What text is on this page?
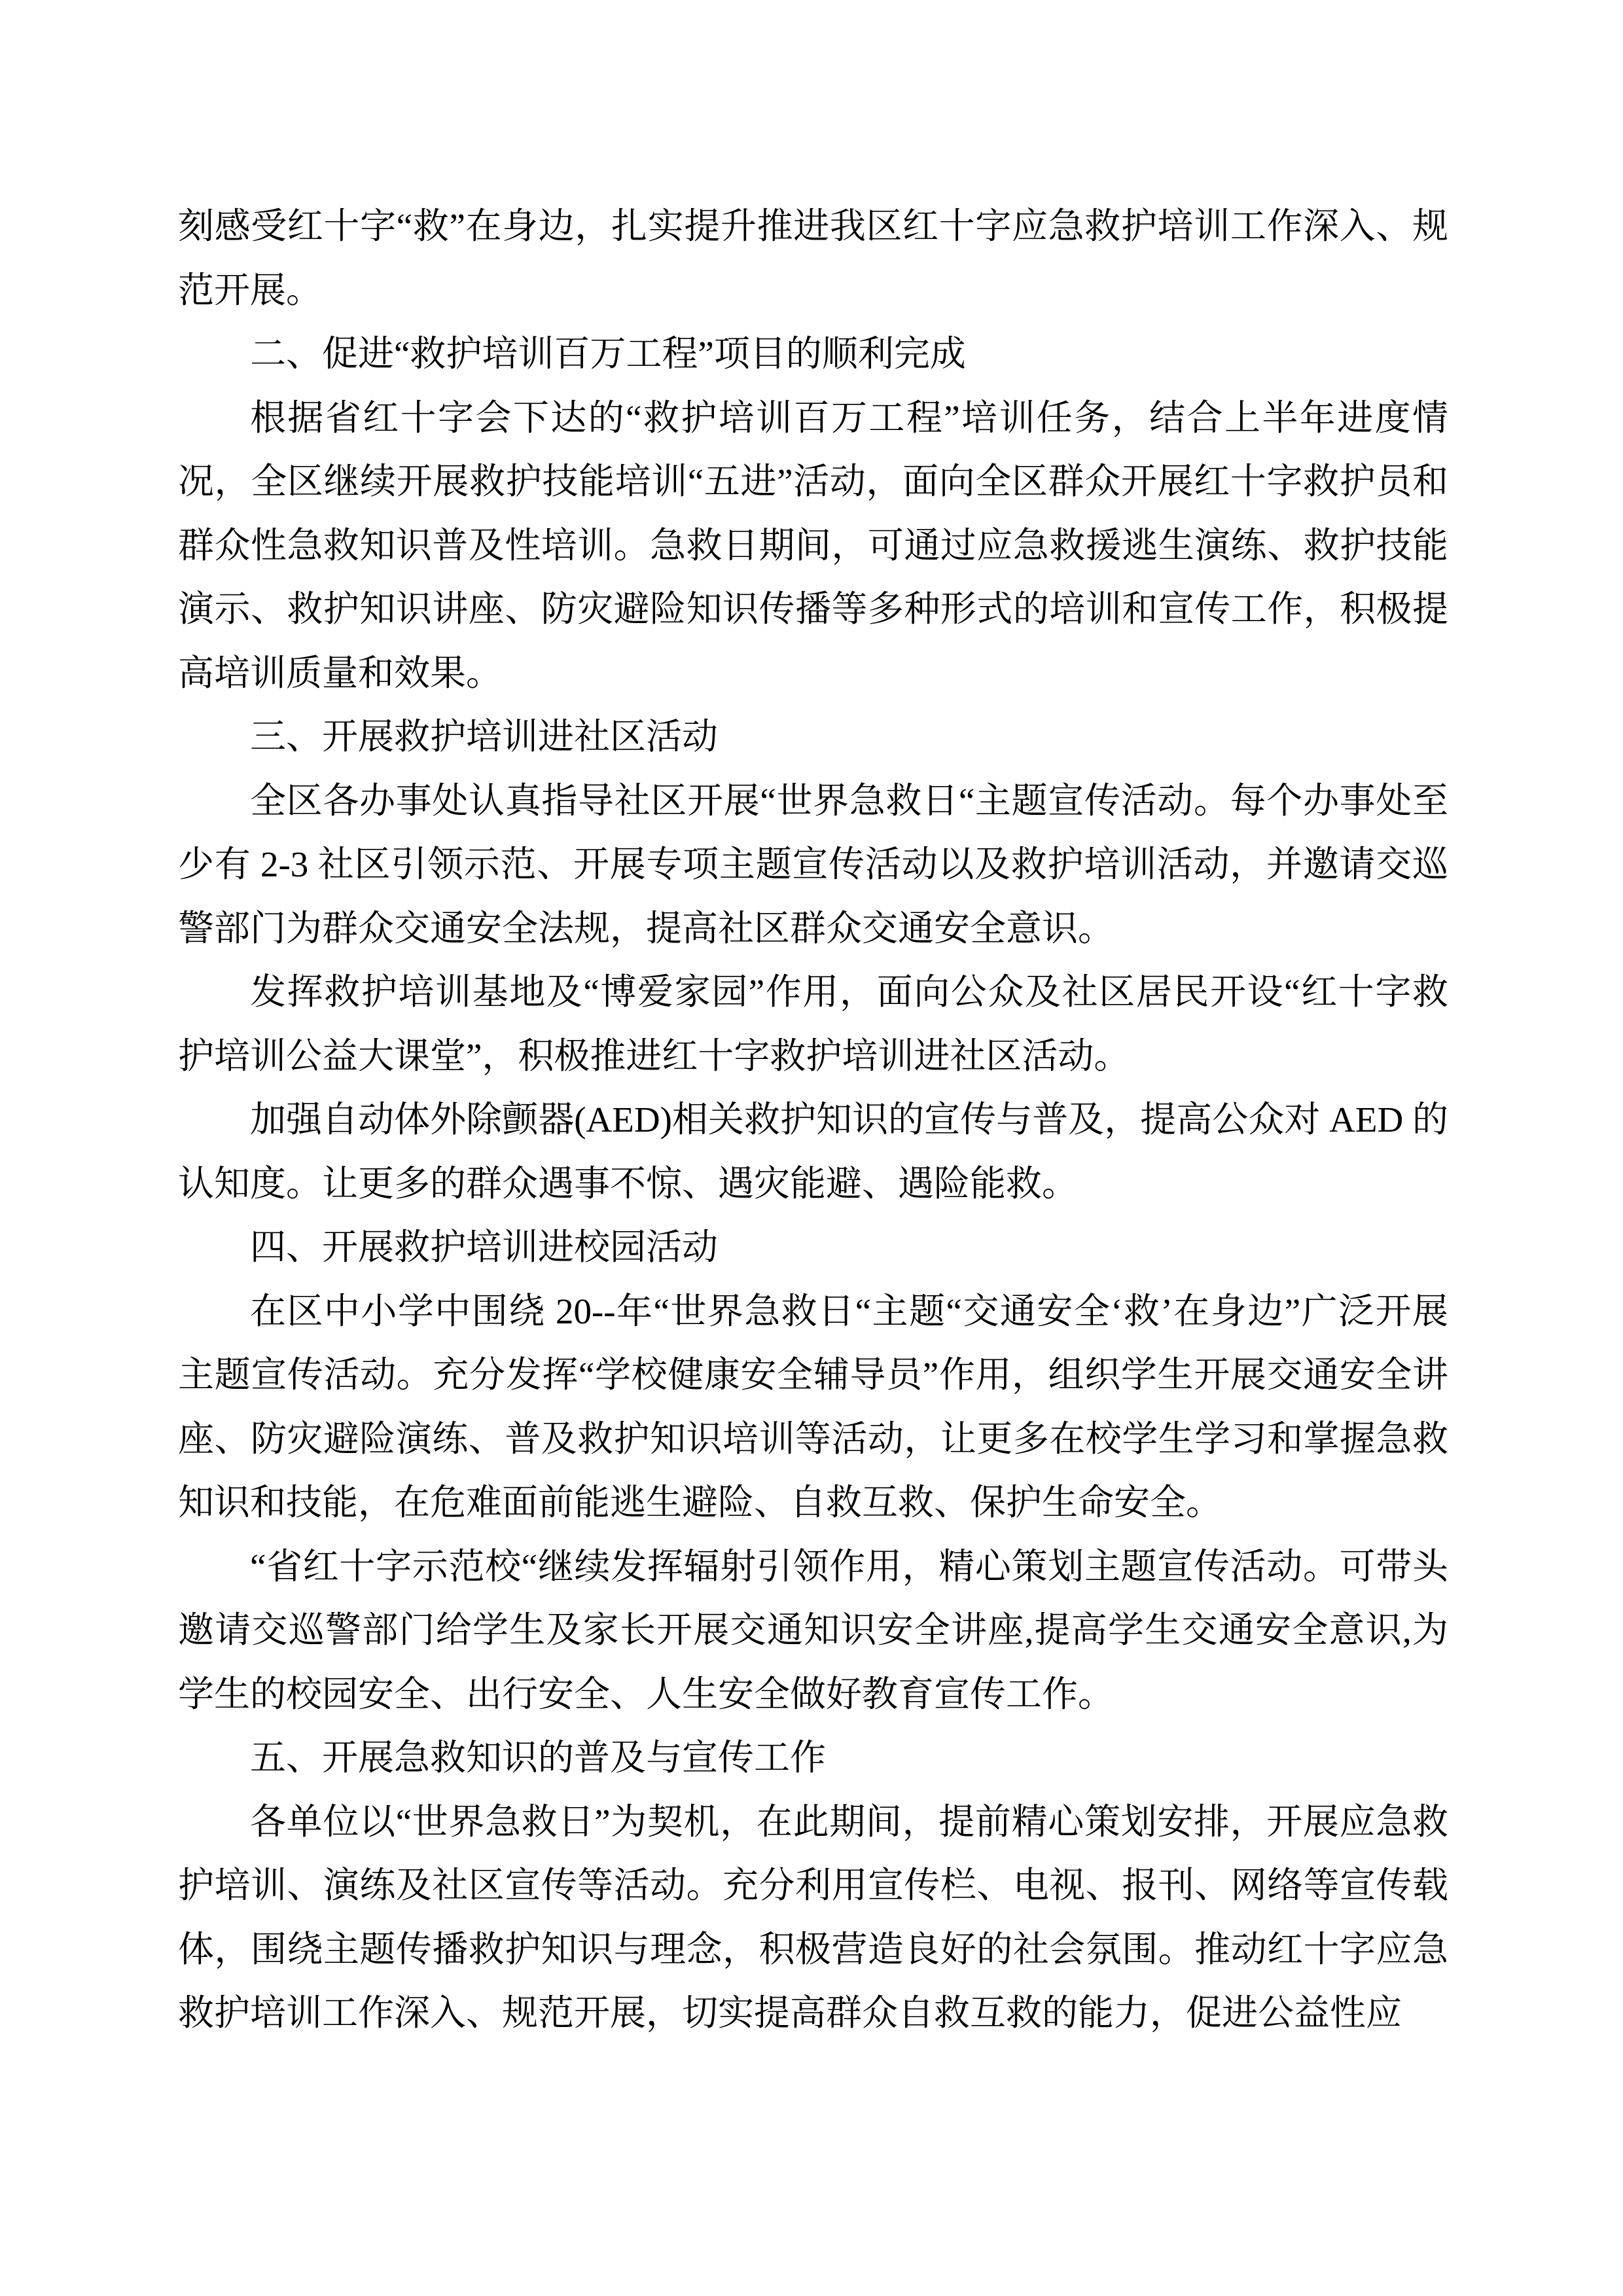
刻感受红十字“救”在身边，扎实提升推进我区红十字应急救护培训工作深入、规范开展。

二、促进“救护培训百万工程”项目的顺利完成

根据省红十字会下达的“救护培训百万工程”培训任务，结合上半年进度情况，全区继续开展救护技能培训“五进”活动，面向全区群众开展红十字救护员和群众性急救知识普及性培训。急救日期间，可通过应急救援逃生演练、救护技能演示、救护知识讲座、防灾避险知识传播等多种形式的培训和宣传工作，积极提高培训质量和效果。

三、开展救护培训进社区活动

全区各办事处认真指导社区开展“世界急救日“主题宣传活动。每个办事处至少有 2-3 社区引领示范、开展专项主题宣传活动以及救护培训活动，并邀请交巡警部门为群众交通安全法规，提高社区群众交通安全意识。

发挥救护培训基地及“博爱家园”作用，面向公众及社区居民开设“红十字救护培训公益大课堂”，积极推进红十字救护培训进社区活动。

加强自动体外除颤器(AED)相关救护知识的宣传与普及，提高公众对 AED 的认知度。让更多的群众遇事不惊、遇灾能避、遇险能救。

四、开展救护培训进校园活动

在区中小学中围绕 20--年“世界急救日“主题“交通安全‘救’在身边”广泛开展主题宣传活动。充分发挥“学校健康安全辅导员”作用，组织学生开展交通安全讲座、防灾避险演练、普及救护知识培训等活动，让更多在校学生学习和掌握急救知识和技能，在危难面前能逃生避险、自救互救、保护生命安全。

“省红十字示范校“继续发挥辐射引领作用，精心策划主题宣传活动。可带头邀请交巡警部门给学生及家长开展交通知识安全讲座,提高学生交通安全意识,为学生的校园安全、出行安全、人生安全做好教育宣传工作。

五、开展急救知识的普及与宣传工作

各单位以“世界急救日”为契机，在此期间，提前精心策划安排，开展应急救护培训、演练及社区宣传等活动。充分利用宣传栏、电视、报刊、网络等宣传载体，围绕主题传播救护知识与理念，积极营造良好的社会氛围。推动红十字应急救护培训工作深入、规范开展，切实提高群众自救互救的能力，促进公益性应
